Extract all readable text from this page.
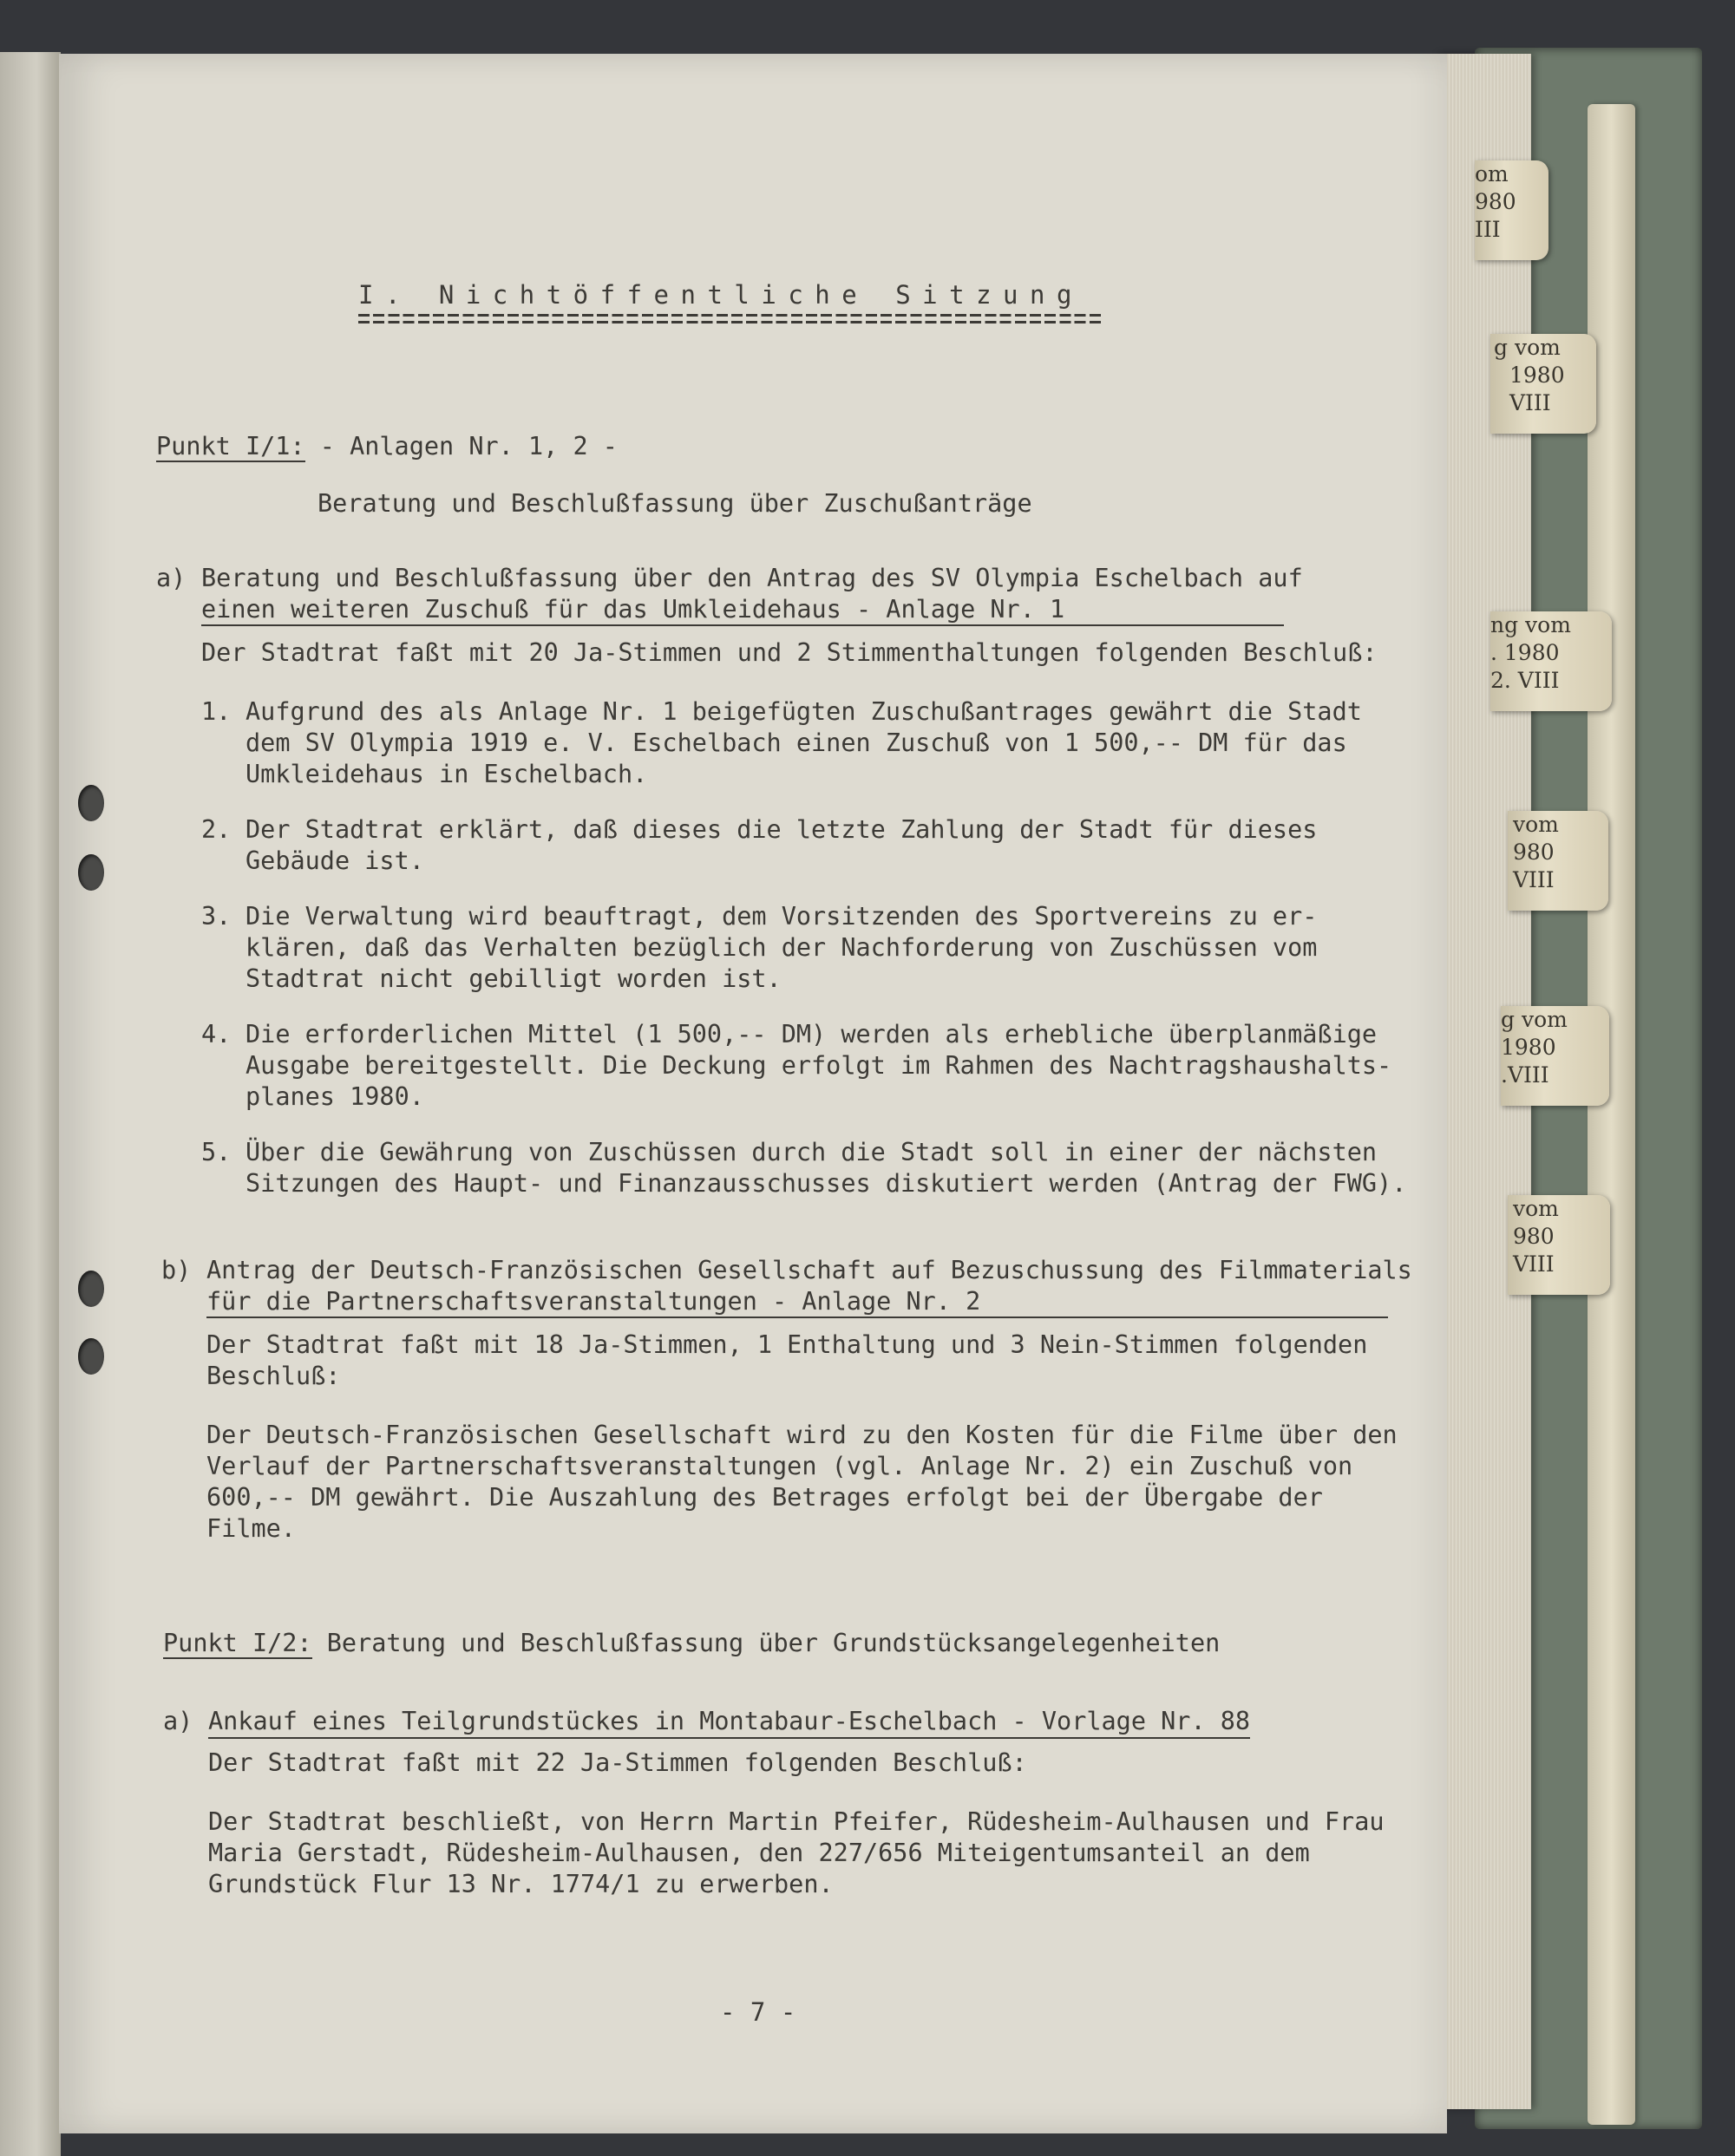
om
980
III
g vom
1980
VIII
ng vom
. 1980
2. VIII
vom
980
VIII
g vom
1980
.VIII
vom
980
VIII

I. Nichtöffentliche Sitzung

Punkt I/1: - Anlagen Nr. 1, 2 -

Beratung und Beschlußfassung über Zuschußanträge

a) Beratung und Beschlußfassung über den Antrag des SV Olympia Eschelbach auf

einen weiteren Zuschuß für das Umkleidehaus - Anlage Nr. 1

Der Stadtrat faßt mit 20 Ja-Stimmen und 2 Stimmenthaltungen folgenden Beschluß:

1. Aufgrund des als Anlage Nr. 1 beigefügten Zuschußantrages gewährt die Stadt

dem SV Olympia 1919 e. V. Eschelbach einen Zuschuß von 1 500,-- DM für das

Umkleidehaus in Eschelbach.

2. Der Stadtrat erklärt, daß dieses die letzte Zahlung der Stadt für dieses

Gebäude ist.

3. Die Verwaltung wird beauftragt, dem Vorsitzenden des Sportvereins zu er-

klären, daß das Verhalten bezüglich der Nachforderung von Zuschüssen vom

Stadtrat nicht gebilligt worden ist.

4. Die erforderlichen Mittel (1 500,-- DM) werden als erhebliche überplanmäßige

Ausgabe bereitgestellt. Die Deckung erfolgt im Rahmen des Nachtragshaushalts-

planes 1980.

5. Über die Gewährung von Zuschüssen durch die Stadt soll in einer der nächsten

Sitzungen des Haupt- und Finanzausschusses diskutiert werden (Antrag der FWG).

b) Antrag der Deutsch-Französischen Gesellschaft auf Bezuschussung des Filmmaterials

für die Partnerschaftsveranstaltungen - Anlage Nr. 2

Der Stadtrat faßt mit 18 Ja-Stimmen, 1 Enthaltung und 3 Nein-Stimmen folgenden

Beschluß:

Der Deutsch-Französischen Gesellschaft wird zu den Kosten für die Filme über den

Verlauf der Partnerschaftsveranstaltungen (vgl. Anlage Nr. 2) ein Zuschuß von

600,-- DM gewährt. Die Auszahlung des Betrages erfolgt bei der Übergabe der

Filme.

Punkt I/2: Beratung und Beschlußfassung über Grundstücksangelegenheiten

a) Ankauf eines Teilgrundstückes in Montabaur-Eschelbach - Vorlage Nr. 88

Der Stadtrat faßt mit 22 Ja-Stimmen folgenden Beschluß:

Der Stadtrat beschließt, von Herrn Martin Pfeifer, Rüdesheim-Aulhausen und Frau

Maria Gerstadt, Rüdesheim-Aulhausen, den 227/656 Miteigentumsanteil an dem

Grundstück Flur 13 Nr. 1774/1 zu erwerben.

- 7 -
